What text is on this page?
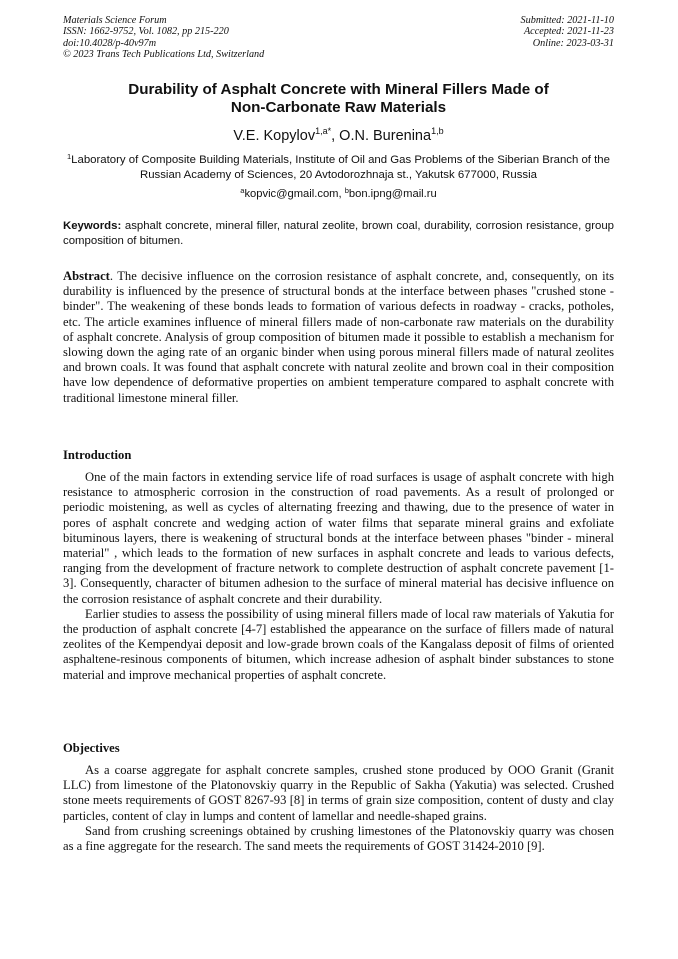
Materials Science Forum
ISSN: 1662-9752, Vol. 1082, pp 215-220
doi:10.4028/p-40v97m
© 2023 Trans Tech Publications Ltd, Switzerland
Submitted: 2021-11-10
Accepted: 2021-11-23
Online: 2023-03-31
Durability of Asphalt Concrete with Mineral Fillers Made of
Non-Carbonate Raw Materials
V.E. Kopylov$^{1,a*}$, O.N. Burenina$^{1,b}$
$^1$Laboratory of Composite Building Materials, Institute of Oil and Gas Problems of the Siberian Branch of the Russian Academy of Sciences, 20 Avtodorozhnaja st., Yakutsk 677000, Russia
$^a$kopvic@gmail.com, $^b$bon.ipng@mail.ru
Keywords: asphalt concrete, mineral filler, natural zeolite, brown coal, durability, corrosion resistance, group composition of bitumen.

Abstract. The decisive influence on the corrosion resistance of asphalt concrete, and, consequently, on its durability is influenced by the presence of structural bonds at the interface between phases "crushed stone - binder". The weakening of these bonds leads to formation of various defects in roadway - cracks, potholes, etc. The article examines influence of mineral fillers made of non-carbonate raw materials on the durability of asphalt concrete. Analysis of group composition of bitumen made it possible to establish a mechanism for slowing down the aging rate of an organic binder when using porous mineral fillers made of natural zeolites and brown coals. It was found that asphalt concrete with natural zeolite and brown coal in their composition have low dependence of deformative properties on ambient temperature compared to asphalt concrete with traditional limestone mineral filler.

Introduction

One of the main factors in extending service life of road surfaces is usage of asphalt concrete with high resistance to atmospheric corrosion in the construction of road pavements. As a result of prolonged or periodic moistening, as well as cycles of alternating freezing and thawing, due to the presence of water in pores of asphalt concrete and wedging action of water films that separate mineral grains and exfoliate bituminous layers, there is weakening of structural bonds at the interface between phases "binder - mineral material" , which leads to the formation of new surfaces in asphalt concrete and leads to various defects, ranging from the development of fracture network to complete destruction of asphalt concrete pavement [1-3]. Consequently, character of bitumen adhesion to the surface of mineral material has decisive influence on the corrosion resistance of asphalt concrete and their durability.

Earlier studies to assess the possibility of using mineral fillers made of local raw materials of Yakutia for the production of asphalt concrete [4-7] established the appearance on the surface of fillers made of natural zeolites of the Kempendyai deposit and low-grade brown coals of the Kangalass deposit of films of oriented asphaltene-resinous components of bitumen, which increase adhesion of asphalt binder substances to stone material and improve mechanical properties of asphalt concrete.

Objectives

As a coarse aggregate for asphalt concrete samples, crushed stone produced by OOO Granit (Granit LLC) from limestone of the Platonovskiy quarry in the Republic of Sakha (Yakutia) was selected. Crushed stone meets requirements of GOST 8267-93 [8] in terms of grain size composition, content of dusty and clay particles, content of clay in lumps and content of lamellar and needle-shaped grains.

Sand from crushing screenings obtained by crushing limestones of the Platonovskiy quarry was chosen as a fine aggregate for the research. The sand meets the requirements of GOST 31424-2010 [9].
